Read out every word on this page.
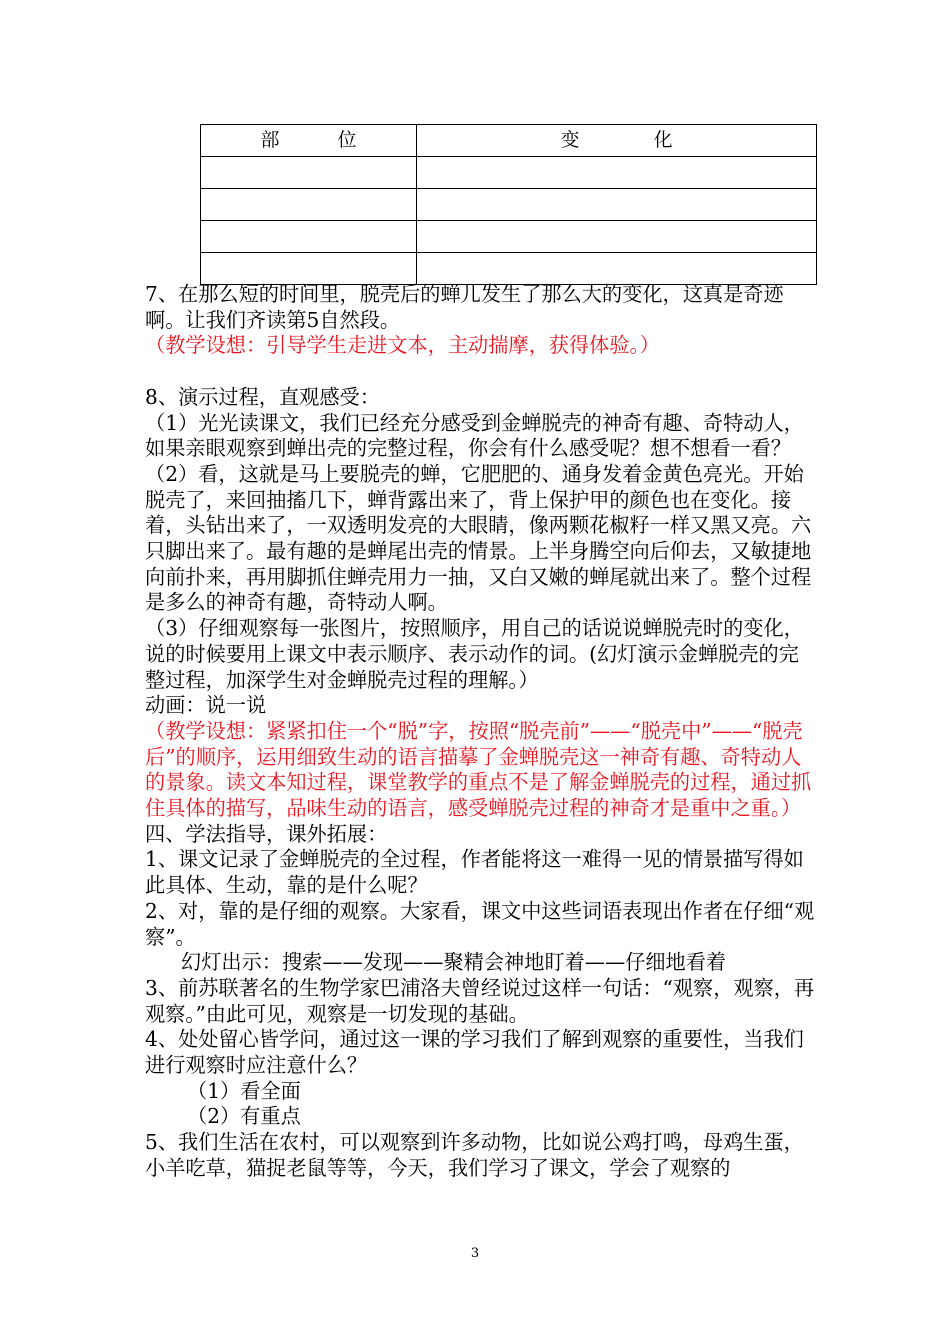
部 位	变 化

7、在那么短的时间里，脱壳后的蝉儿发生了那么大的变化，这真是奇迹啊。让我们齐读第5自然段。

（教学设想：引导学生走进文本，主动揣摩，获得体验。）

8、演示过程，直观感受：

（1）光光读课文，我们已经充分感受到金蝉脱壳的神奇有趣、奇特动人，如果亲眼观察到蝉出壳的完整过程，你会有什么感受呢？想不想看一看？

（2）看，这就是马上要脱壳的蝉，它肥肥的、通身发着金黄色亮光。开始脱壳了，来回抽搐几下，蝉背露出来了，背上保护甲的颜色也在变化。接着，头钻出来了，一双透明发亮的大眼睛，像两颗花椒籽一样又黑又亮。六只脚出来了。最有趣的是蝉尾出壳的情景。上半身腾空向后仰去，又敏捷地向前扑来，再用脚抓住蝉壳用力一抽，又白又嫩的蝉尾就出来了。整个过程是多么的神奇有趣，奇特动人啊。

（3）仔细观察每一张图片，按照顺序，用自己的话说说蝉脱壳时的变化，说的时候要用上课文中表示顺序、表示动作的词。(幻灯演示金蝉脱壳的完整过程，加深学生对金蝉脱壳过程的理解。）

动画：说一说

（教学设想：紧紧扣住一个“脱”字，按照“脱壳前”——“脱壳中”——“脱壳后”的顺序，运用细致生动的语言描摹了金蝉脱壳这一神奇有趣、奇特动人的景象。读文本知过程，课堂教学的重点不是了解金蝉脱壳的过程，通过抓住具体的描写，品味生动的语言，感受蝉脱壳过程的神奇才是重中之重。）

四、学法指导，课外拓展：

1、课文记录了金蝉脱壳的全过程，作者能将这一难得一见的情景描写得如此具体、生动，靠的是什么呢？

2、对，靠的是仔细的观察。大家看，课文中这些词语表现出作者在仔细“观察”。

幻灯出示：搜索——发现——聚精会神地盯着——仔细地看着

3、前苏联著名的生物学家巴浦洛夫曾经说过这样一句话：“观察，观察，再观察。”由此可见，观察是一切发现的基础。

4、处处留心皆学问，通过这一课的学习我们了解到观察的重要性，当我们进行观察时应注意什么？

（1）看全面

（2）有重点

5、我们生活在农村，可以观察到许多动物，比如说公鸡打鸣，母鸡生蛋，小羊吃草，猫捉老鼠等等，今天，我们学习了课文，学会了观察的

3
